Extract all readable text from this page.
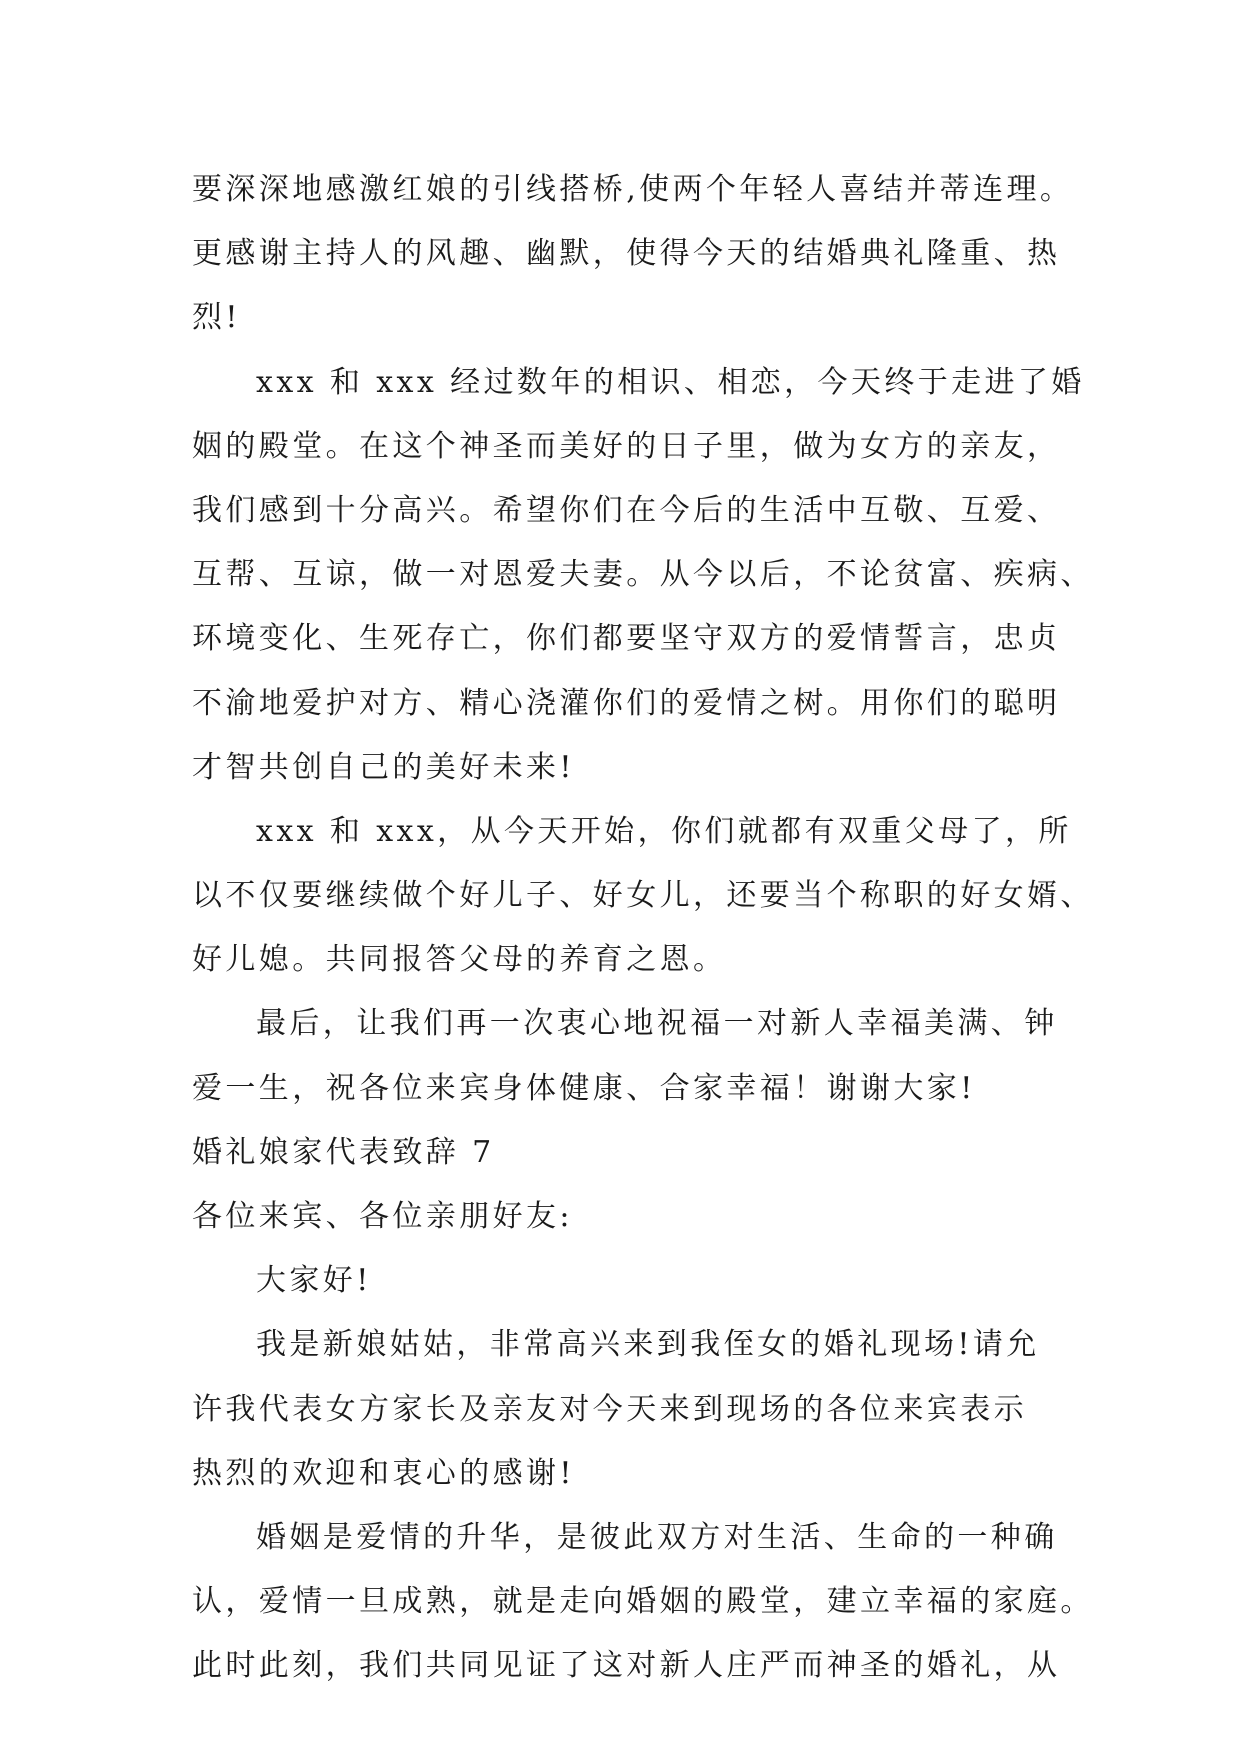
要深深地感激红娘的引线搭桥,使两个年轻人喜结并蒂连理。
更感谢主持人的风趣、幽默，使得今天的结婚典礼隆重、热
烈!
xxx 和 xxx 经过数年的相识、相恋，今天终于走进了婚
姻的殿堂。在这个神圣而美好的日子里，做为女方的亲友，
我们感到十分高兴。希望你们在今后的生活中互敬、互爱、
互帮、互谅，做一对恩爱夫妻。从今以后，不论贫富、疾病、
环境变化、生死存亡，你们都要坚守双方的爱情誓言，忠贞
不渝地爱护对方、精心浇灌你们的爱情之树。用你们的聪明
才智共创自己的美好未来!
xxx 和 xxx，从今天开始，你们就都有双重父母了，所
以不仅要继续做个好儿子、好女儿，还要当个称职的好女婿、
好儿媳。共同报答父母的养育之恩。
最后，让我们再一次衷心地祝福一对新人幸福美满、钟
爱一生，祝各位来宾身体健康、合家幸福！谢谢大家!
婚礼娘家代表致辞 7
各位来宾、各位亲朋好友:
大家好!
我是新娘姑姑，非常高兴来到我侄女的婚礼现场!请允
许我代表女方家长及亲友对今天来到现场的各位来宾表示
热烈的欢迎和衷心的感谢!
婚姻是爱情的升华，是彼此双方对生活、生命的一种确
认，爱情一旦成熟，就是走向婚姻的殿堂，建立幸福的家庭。
此时此刻，我们共同见证了这对新人庄严而神圣的婚礼，从
